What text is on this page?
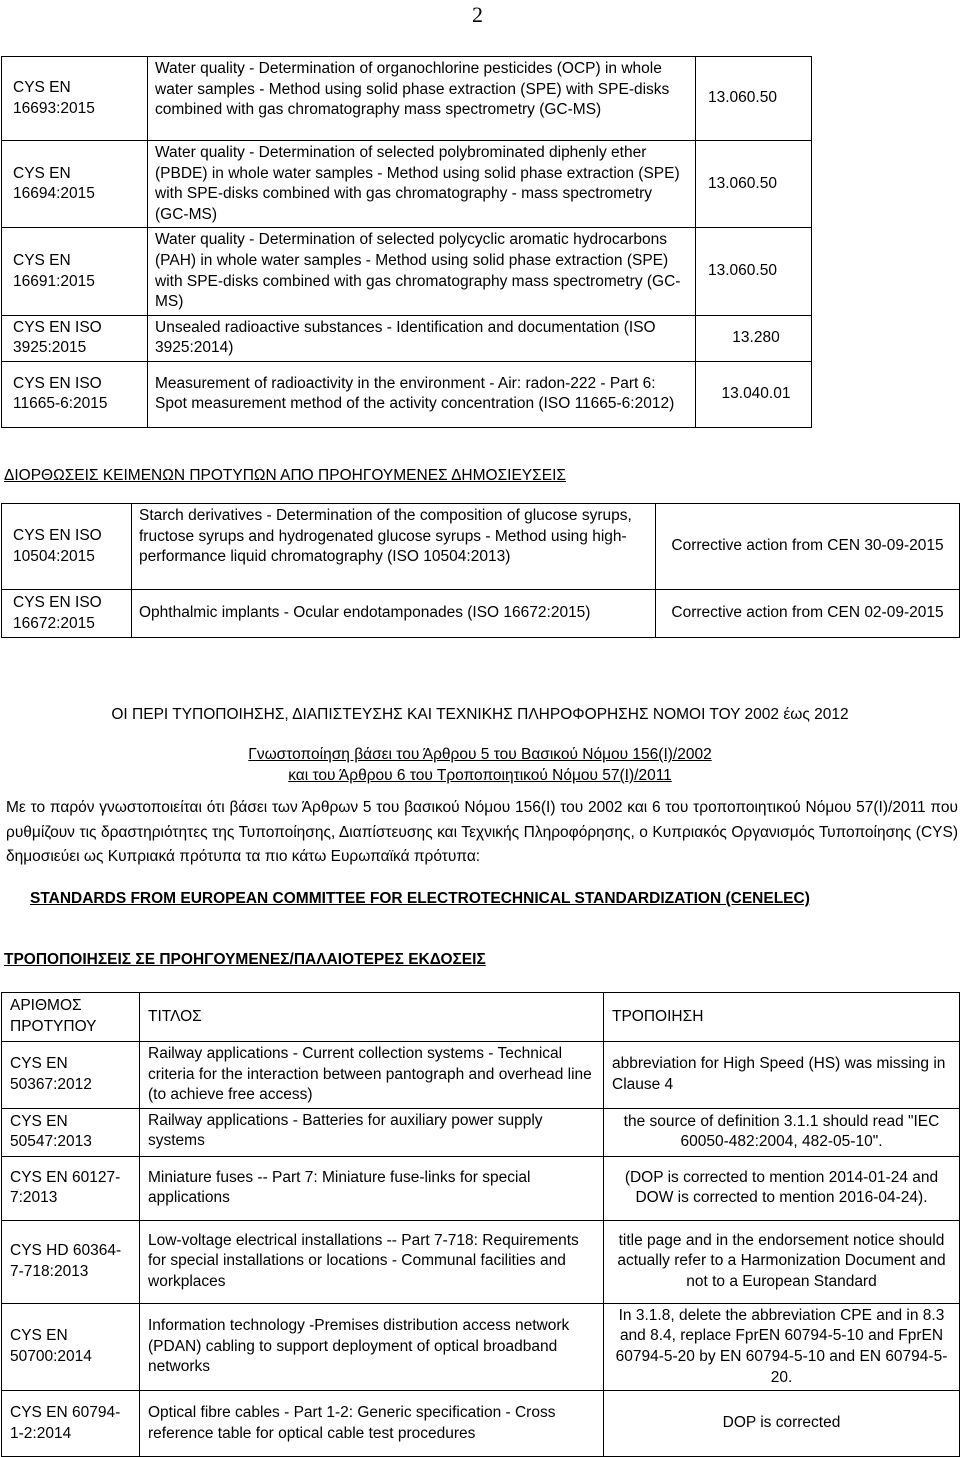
2
CYS EN 16693:2015	Water quality - Determination of organochlorine pesticides (OCP) in whole water samples - Method using solid phase extraction (SPE) with SPE-disks combined with gas chromatography mass spectrometry (GC-MS)	13.060.50
CYS EN 16694:2015	Water quality - Determination of selected polybrominated diphenly ether (PBDE) in whole water samples - Method using solid phase extraction (SPE) with SPE-disks combined with gas chromatography - mass spectrometry (GC-MS)	13.060.50
CYS EN 16691:2015	Water quality - Determination of selected polycyclic aromatic hydrocarbons (PAH) in whole water samples - Method using solid phase extraction (SPE) with SPE-disks combined with gas chromatography mass spectrometry (GC-MS)	13.060.50
CYS EN ISO 3925:2015	Unsealed radioactive substances - Identification and documentation (ISO 3925:2014)	13.280
CYS EN ISO 11665-6:2015	Measurement of radioactivity in the environment - Air: radon-222 - Part 6: Spot measurement method of the activity concentration (ISO 11665-6:2012)	13.040.01
ΔΙΟΡΘΩΣΕΙΣ ΚΕΙΜΕΝΩΝ ΠΡΟΤΥΠΩΝ ΑΠΟ ΠΡΟΗΓΟΥΜΕΝΕΣ ΔΗΜΟΣΙΕΥΣΕΙΣ
CYS EN ISO 10504:2015	Starch derivatives - Determination of the composition of glucose syrups, fructose syrups and hydrogenated glucose syrups - Method using high-performance liquid chromatography (ISO 10504:2013)	Corrective action from CEN 30-09-2015
CYS EN ISO 16672:2015	Ophthalmic implants - Ocular endotamponades (ISO 16672:2015)	Corrective action from CEN 02-09-2015
ΟΙ ΠΕΡΙ ΤΥΠΟΠΟΙΗΣΗΣ, ΔΙΑΠΙΣΤΕΥΣΗΣ ΚΑΙ ΤΕΧΝΙΚΗΣ ΠΛΗΡΟΦΟΡΗΣΗΣ ΝΟΜΟΙ ΤΟΥ 2002 έως 2012
Γνωστοποίηση βάσει του Άρθρου 5 του Βασικού Νόμου 156(Ι)/2002
και του Άρθρου 6 του Τροποποιητικού Νόμου 57(Ι)/2011
Με το παρόν γνωστοποιείται ότι βάσει των Άρθρων 5 του βασικού Νόμου 156(Ι) του 2002 και 6 του τροποποιητικού Νόμου 57(Ι)/2011 που ρυθμίζουν τις δραστηριότητες της Τυποποίησης, Διαπίστευσης και Τεχνικής Πληροφόρησης, ο Κυπριακός Οργανισμός Τυποποίησης (CYS) δημοσιεύει ως Κυπριακά πρότυπα τα πιο κάτω Ευρωπαϊκά πρότυπα:
STANDARDS FROM EUROPEAN COMMITTEE FOR ELECTROTECHNICAL STANDARDIZATION (CENELEC)
ΤΡΟΠΟΠΟΙΗΣΕΙΣ ΣΕ ΠΡΟΗΓΟΥΜΕΝΕΣ/ΠΑΛΑΙΟΤΕΡΕΣ ΕΚΔΟΣΕΙΣ
ΑΡΙΘΜΟΣ ΠΡΟΤΥΠΟΥ	ΤΙΤΛΟΣ	ΤΡΟΠΟΙΗΣΗ
CYS EN 50367:2012	Railway applications - Current collection systems - Technical criteria for the interaction between pantograph and overhead line (to achieve free access)	abbreviation for High Speed (HS) was missing in Clause 4
CYS EN 50547:2013	Railway applications - Batteries for auxiliary power supply systems	the source of definition 3.1.1 should read "IEC 60050-482:2004, 482-05-10".
CYS EN 60127-7:2013	Miniature fuses -- Part 7: Miniature fuse-links for special applications	(DOP is corrected to mention 2014-01-24 and DOW is corrected to mention 2016-04-24).
CYS HD 60364-7-718:2013	Low-voltage electrical installations -- Part 7-718: Requirements for special installations or locations - Communal facilities and workplaces	title page and in the endorsement notice should actually refer to a Harmonization Document and not to a European Standard
CYS EN 50700:2014	Information technology -Premises distribution access network (PDAN) cabling to support deployment of optical broadband networks	In 3.1.8, delete the abbreviation CPE and in 8.3 and 8.4, replace FprEN 60794-5-10 and FprEN 60794-5-20 by EN 60794-5-10 and EN 60794-5-20.
CYS EN 60794-1-2:2014	Optical fibre cables - Part 1-2: Generic specification - Cross reference table for optical cable test procedures	DOP is corrected
